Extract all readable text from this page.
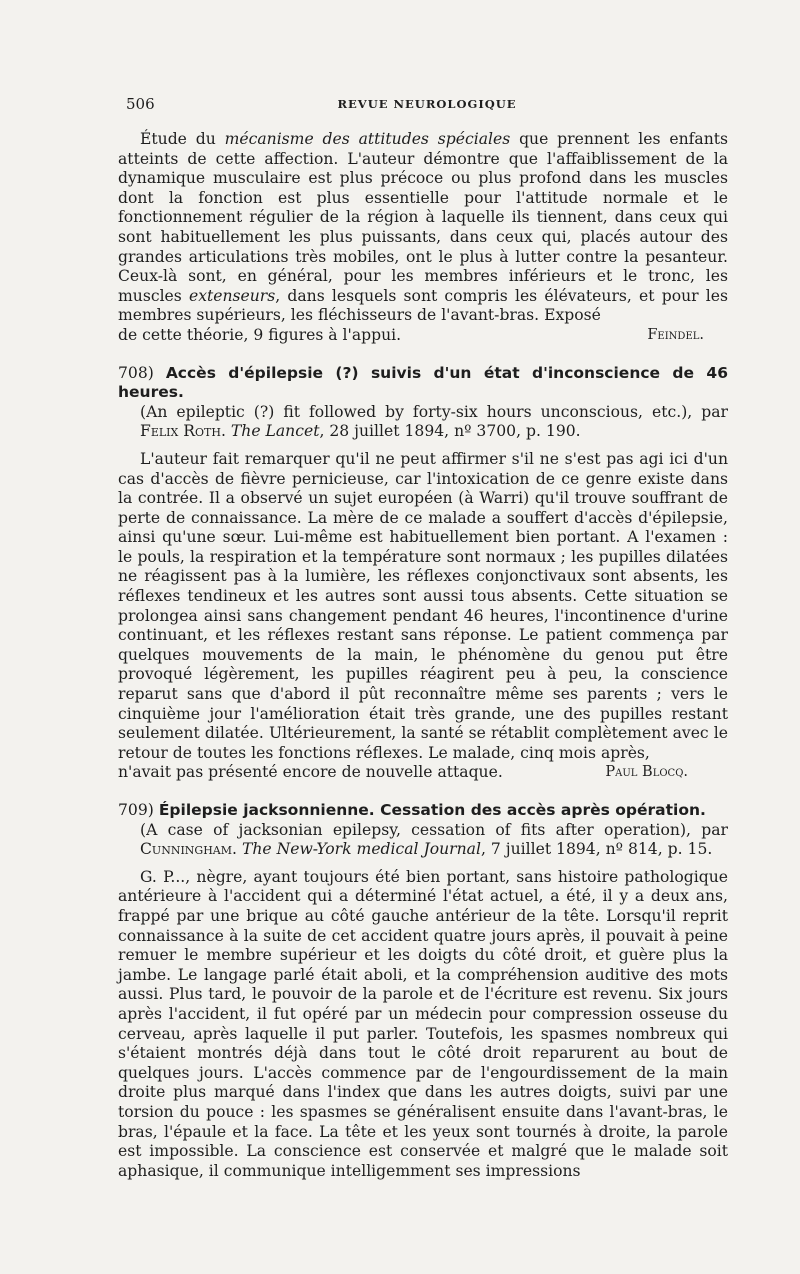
506	REVUE NEUROLOGIQUE

Étude du mécanisme des attitudes spéciales que prennent les enfants atteints de cette affection. L'auteur démontre que l'affaiblissement de la dynamique musculaire est plus précoce ou plus profond dans les muscles dont la fonction est plus essentielle pour l'attitude normale et le fonctionnement régulier de la région à laquelle ils tiennent, dans ceux qui sont habituellement les plus puissants, dans ceux qui, placés autour des grandes articulations très mobiles, ont le plus à lutter contre la pesanteur. Ceux-là sont, en général, pour les membres inférieurs et le tronc, les muscles extenseurs, dans lesquels sont compris les élévateurs, et pour les membres supérieurs, les fléchisseurs de l'avant-bras. Exposé

de cette théorie, 9 figures à l'appui.	Feindel.

708) Accès d'épilepsie (?) suivis d'un état d'inconscience de 46 heures.

(An epileptic (?) fit followed by forty-six hours unconscious, etc.), par Felix Roth. The Lancet, 28 juillet 1894, nº 3700, p. 190.

L'auteur fait remarquer qu'il ne peut affirmer s'il ne s'est pas agi ici d'un cas d'accès de fièvre pernicieuse, car l'intoxication de ce genre existe dans la contrée. Il a observé un sujet européen (à Warri) qu'il trouve souffrant de perte de connaissance. La mère de ce malade a souffert d'accès d'épilepsie, ainsi qu'une sœur. Lui-même est habituellement bien portant. A l'examen : le pouls, la respiration et la température sont normaux ; les pupilles dilatées ne réagissent pas à la lumière, les réflexes conjonctivaux sont absents, les réflexes tendineux et les autres sont aussi tous absents. Cette situation se prolongea ainsi sans changement pendant 46 heures, l'incontinence d'urine continuant, et les réflexes restant sans réponse. Le patient commença par quelques mouvements de la main, le phénomène du genou put être provoqué légèrement, les pupilles réagirent peu à peu, la conscience reparut sans que d'abord il pût reconnaître même ses parents ; vers le cinquième jour l'amélioration était très grande, une des pupilles restant seulement dilatée. Ultérieurement, la santé se rétablit complètement avec le retour de toutes les fonctions réflexes. Le malade, cinq mois après,

n'avait pas présenté encore de nouvelle attaque.	Paul Blocq.

709) Épilepsie jacksonnienne. Cessation des accès après opération.

(A case of jacksonian epilepsy, cessation of fits after operation), par Cunningham. The New-York medical Journal, 7 juillet 1894, nº 814, p. 15.

G. P..., nègre, ayant toujours été bien portant, sans histoire pathologique antérieure à l'accident qui a déterminé l'état actuel, a été, il y a deux ans, frappé par une brique au côté gauche antérieur de la tête. Lorsqu'il reprit connaissance à la suite de cet accident quatre jours après, il pouvait à peine remuer le membre supérieur et les doigts du côté droit, et guère plus la jambe. Le langage parlé était aboli, et la compréhension auditive des mots aussi. Plus tard, le pouvoir de la parole et de l'écriture est revenu. Six jours après l'accident, il fut opéré par un médecin pour compression osseuse du cerveau, après laquelle il put parler. Toutefois, les spasmes nombreux qui s'étaient montrés déjà dans tout le côté droit reparurent au bout de quelques jours. L'accès commence par de l'engourdissement de la main droite plus marqué dans l'index que dans les autres doigts, suivi par une torsion du pouce : les spasmes se généralisent ensuite dans l'avant-bras, le bras, l'épaule et la face. La tête et les yeux sont tournés à droite, la parole est impossible. La conscience est conservée et malgré que le malade soit aphasique, il communique intelligemment ses impressions
